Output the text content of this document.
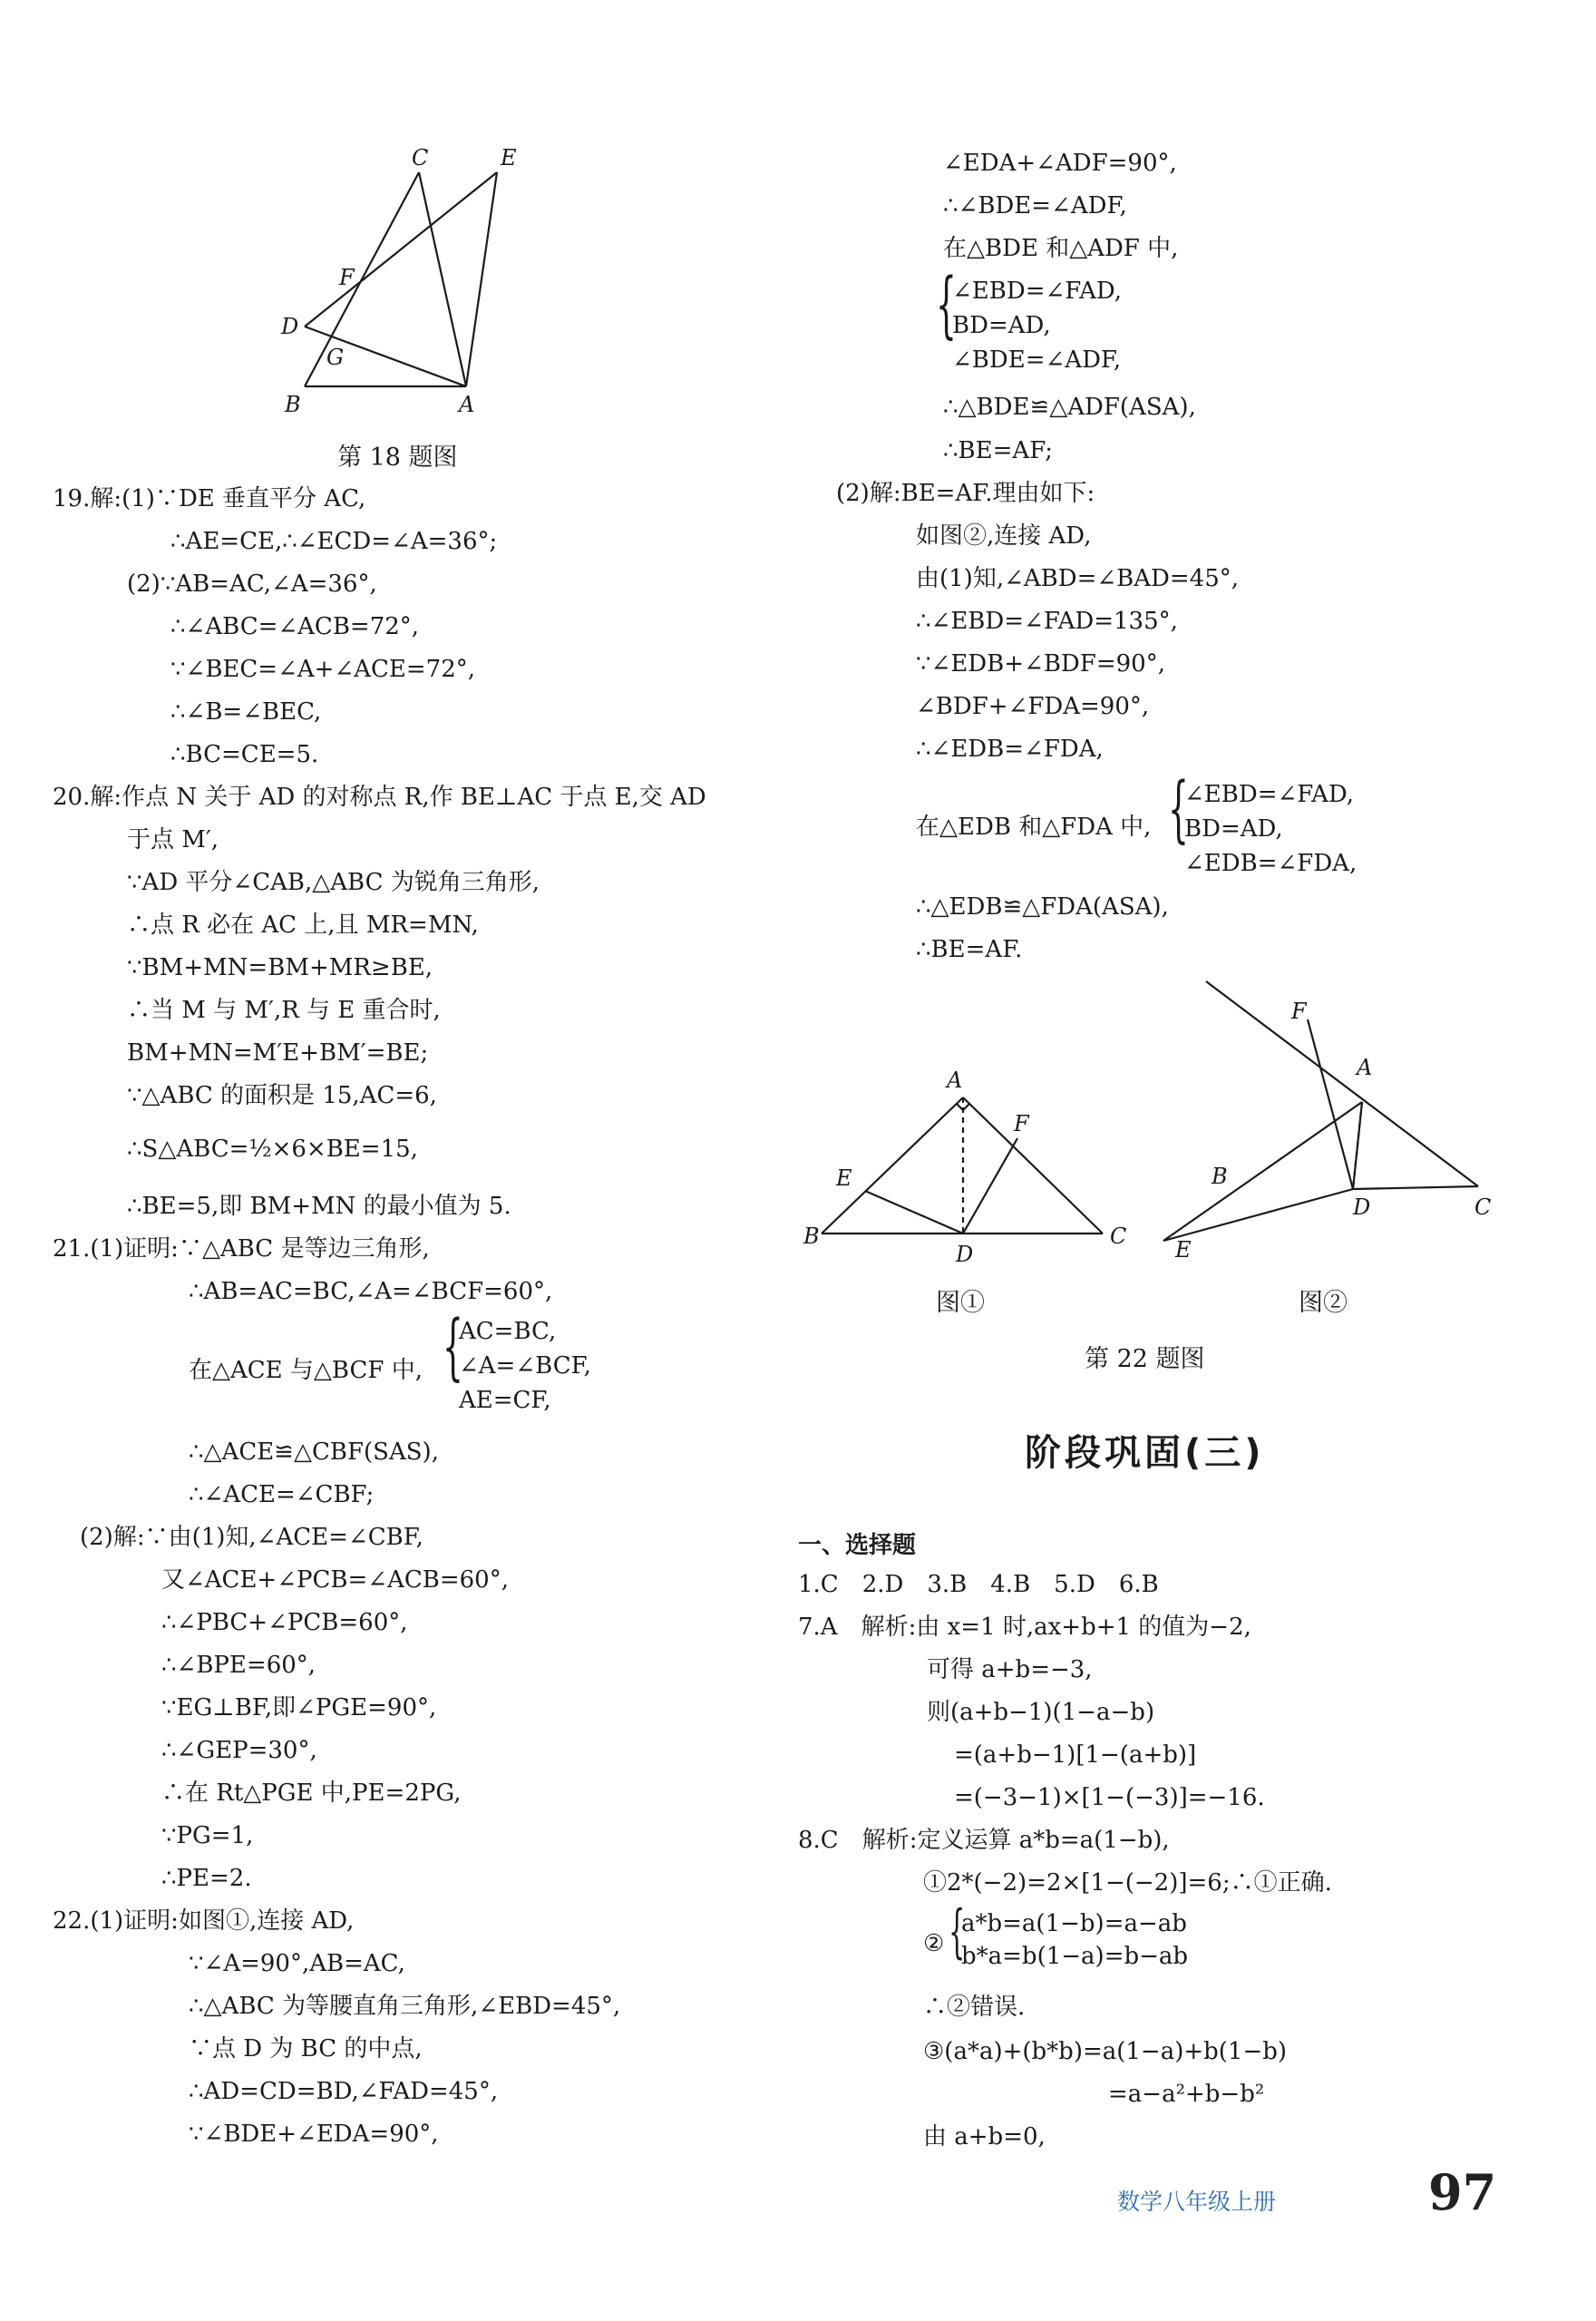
C	E
F
D
G
B	A
第 18 题图
19.解:(1)∵DE 垂直平分 AC,
∴AE=CE,∴∠ECD=∠A=36°;
(2)∵AB=AC,∠A=36°,
∴∠ABC=∠ACB=72°,
∵∠BEC=∠A+∠ACE=72°,
∴∠B=∠BEC,
∴BC=CE=5.
20.解:作点 N 关于 AD 的对称点 R,作 BE⊥AC 于点 E,交 AD
于点 M′,
∵AD 平分∠CAB,△ABC 为锐角三角形,
∴点 R 必在 AC 上,且 MR=MN,
∵BM+MN=BM+MR≥BE,
∴当 M 与 M′,R 与 E 重合时,
BM+MN=M′E+BM′=BE;
∵△ABC 的面积是 15,AC=6,
∴S△ABC=½×6×BE=15,
∴BE=5,即 BM+MN 的最小值为 5.
21.(1)证明:∵△ABC 是等边三角形,
∴AB=AC=BC,∠A=∠BCF=60°,
在△ACE 与△BCF 中, {
AC=BC,
∠A=∠BCF,
AE=CF,
∴△ACE≌△CBF(SAS),
∴∠ACE=∠CBF;
(2)解:∵由(1)知,∠ACE=∠CBF,
又∠ACE+∠PCB=∠ACB=60°,
∴∠PBC+∠PCB=60°,
∴∠BPE=60°,
∵EG⊥BF,即∠PGE=90°,
∴∠GEP=30°,
∴在 Rt△PGE 中,PE=2PG,
∵PG=1,
∴PE=2.
22.(1)证明:如图①,连接 AD,
∵∠A=90°,AB=AC,
∴△ABC 为等腰直角三角形,∠EBD=45°,
∵点 D 为 BC 的中点,
∴AD=CD=BD,∠FAD=45°,
∵∠BDE+∠EDA=90°,
∠EDA+∠ADF=90°,
∴∠BDE=∠ADF,
在△BDE 和△ADF 中,
{
∠EBD=∠FAD,
BD=AD,
∠BDE=∠ADF,
∴△BDE≌△ADF(ASA),
∴BE=AF;
(2)解:BE=AF.理由如下:
如图②,连接 AD,
由(1)知,∠ABD=∠BAD=45°,
∴∠EBD=∠FAD=135°,
∵∠EDB+∠BDF=90°,
∠BDF+∠FDA=90°,
∴∠EDB=∠FDA,
在△EDB 和△FDA 中, {
∠EBD=∠FAD,
BD=AD,
∠EDB=∠FDA,
∴△EDB≌△FDA(ASA),
∴BE=AF.
A
E
F
B
D
C
F
A
B
D	C
E
图①	图②
第 22 题图
阶段巩固(三)
一、选择题
1.C　2.D　3.B　4.B　5.D　6.B
7.A　解析:由 x=1 时,ax+b+1 的值为−2,
可得 a+b=−3,
则(a+b−1)(1−a−b)
=(a+b−1)[1−(a+b)]
=(−3−1)×[1−(−3)]=−16.
8.C　解析:定义运算 a*b=a(1−b),
①2*(−2)=2×[1−(−2)]=6;∴①正确.
② {
a*b=a(1−b)=a−ab
b*a=b(1−a)=b−ab
∴②错误.
③(a*a)+(b*b)=a(1−a)+b(1−b)
=a−a²+b−b²
由 a+b=0,
数学八年级上册	97
